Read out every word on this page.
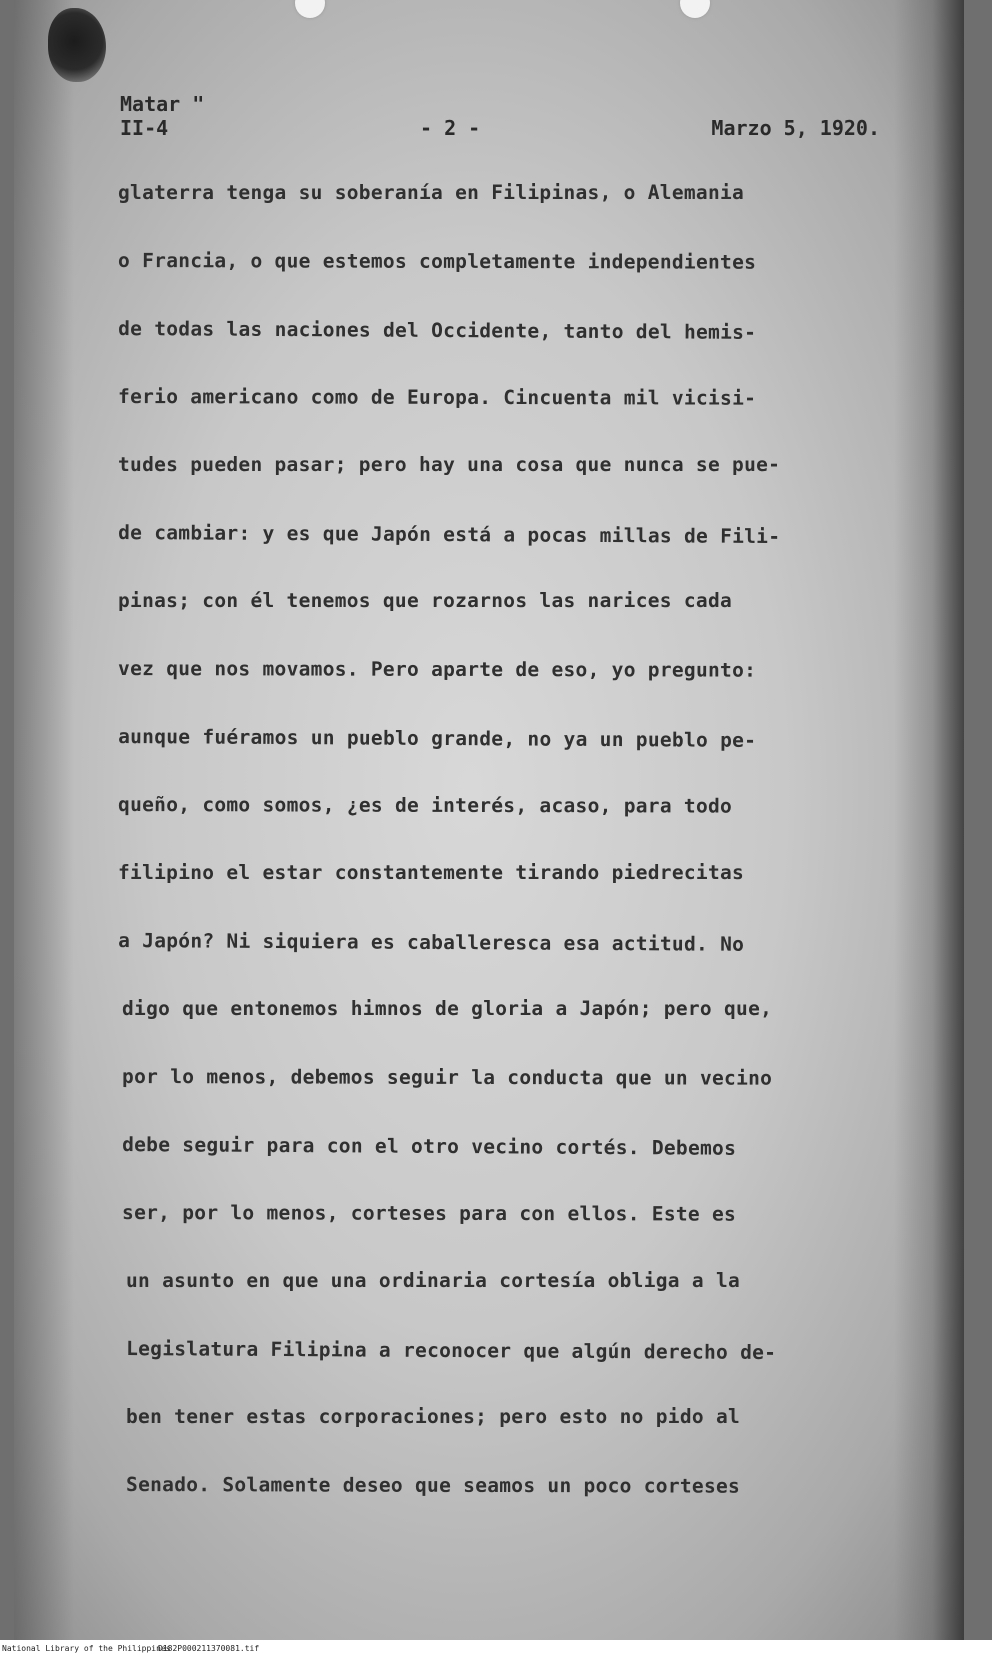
Matar "
II-4	- 2 -	Marzo 5, 1920.
glaterra tenga su soberanía en Filipinas, o Alemania
o Francia, o que estemos completamente independientes
de todas las naciones del Occidente, tanto del hemis-
ferio americano como de Europa. Cincuenta mil vicisi-
tudes pueden pasar; pero hay una cosa que nunca se pue-
de cambiar: y es que Japón está a pocas millas de Fili-
pinas; con él tenemos que rozarnos las narices cada
vez que nos movamos. Pero aparte de eso, yo pregunto:
aunque fuéramos un pueblo grande, no ya un pueblo pe-
queño, como somos, ¿es de interés, acaso, para todo
filipino el estar constantemente tirando piedrecitas
a Japón? Ni siquiera es caballeresca esa actitud. No
digo que entonemos himnos de gloria a Japón; pero que,
por lo menos, debemos seguir la conducta que un vecino
debe seguir para con el otro vecino cortés. Debemos
ser, por lo menos, corteses para con ellos. Este es
un asunto en que una ordinaria cortesía obliga a la
Legislatura Filipina a reconocer que algún derecho de-
ben tener estas corporaciones; pero esto no pido al
Senado. Solamente deseo que seamos un poco corteses
National Library of the Philippines
D182P000211370081.tif
